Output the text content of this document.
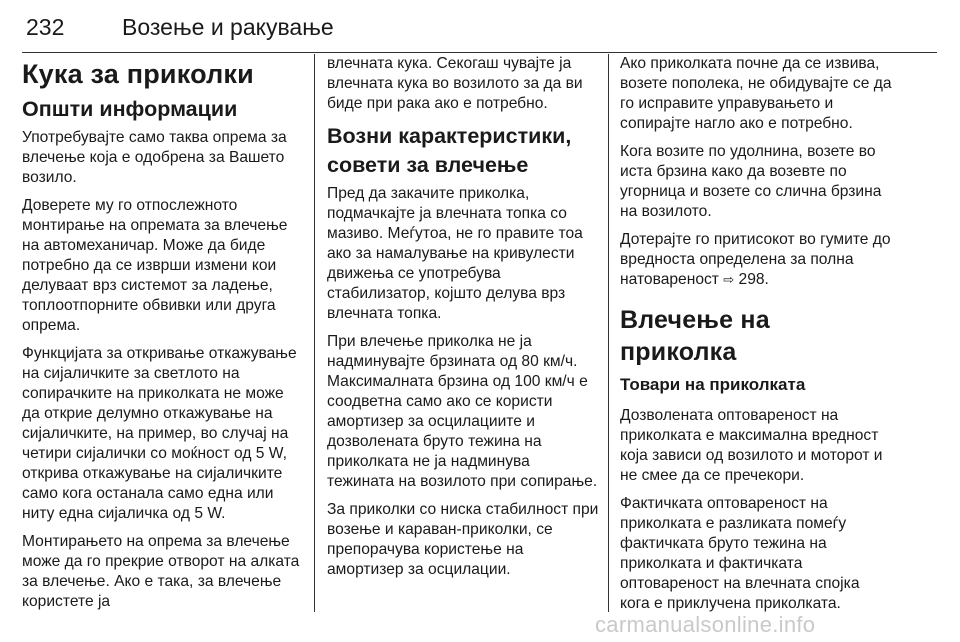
232	Возење и ракување
Кука за приколки
Општи информации

Употребувајте само таква опрема за влечење која е одобрена за Вашето возило.

Доверете му го отпослежното монтирање на опремата за влечење на автомеханичар. Може да биде потребно да се изврши измени кои делуваат врз системот за ладење, топлоотпорните обвивки или друга опрема.

Функцијата за откривање откажување на сијаличките за светлото на сопирачките на приколката не може да открие делумно откажување на сијаличките, на пример, во случај на четири сијалички со моќност од 5 W, открива откажување на сијаличките само кога останала само една или ниту една сијаличка од 5 W.

Монтирањето на опрема за влечење може да го прекрие отворот на алката за влечење. Ако е така, за влечење користете ја

влечната кука. Секогаш чувајте ја влечната кука во возилото за да ви биде при рака ако е потребно.

Возни карактеристики, совети за влечење

Пред да закачите приколка, подмачкајте ја влечната топка со мазиво. Меѓутоа, не го правите тоа ако за намалување на кривулести движења се употребува стабилизатор, којшто делува врз влечната топка.

При влечење приколка не ја надминувајте брзината од 80 км/ч. Максималната брзина од 100 км/ч е соодветна само ако се користи амортизер за осцилациите и дозволената бруто тежина на приколката не ја надминува тежината на возилото при сопирање.

За приколки со ниска стабилност при возење и караван-приколки, се препорачува користење на амортизер за осцилации.

Ако приколката почне да се извива, возете пополека, не обидувајте се да го исправите управувањето и сопирајте нагло ако е потребно.

Кога возите по удолнина, возете во иста брзина како да возевте по угорница и возете со слична брзина на возилото.

Дотерајте го притисокот во гумите до вредноста определена за полна натовареност ⇨ 298.

Влечење на приколка
Товари на приколката

Дозволената оптовареност на приколката е максимална вредност која зависи од возилото и моторот и не смее да се пречекори.

Фактичката оптовареност на приколката е разликата помеѓу фактичката бруто тежина на приколката и фактичката оптовареност на влечната спојка кога е приклучена приколката.

carmanualsonline.info
